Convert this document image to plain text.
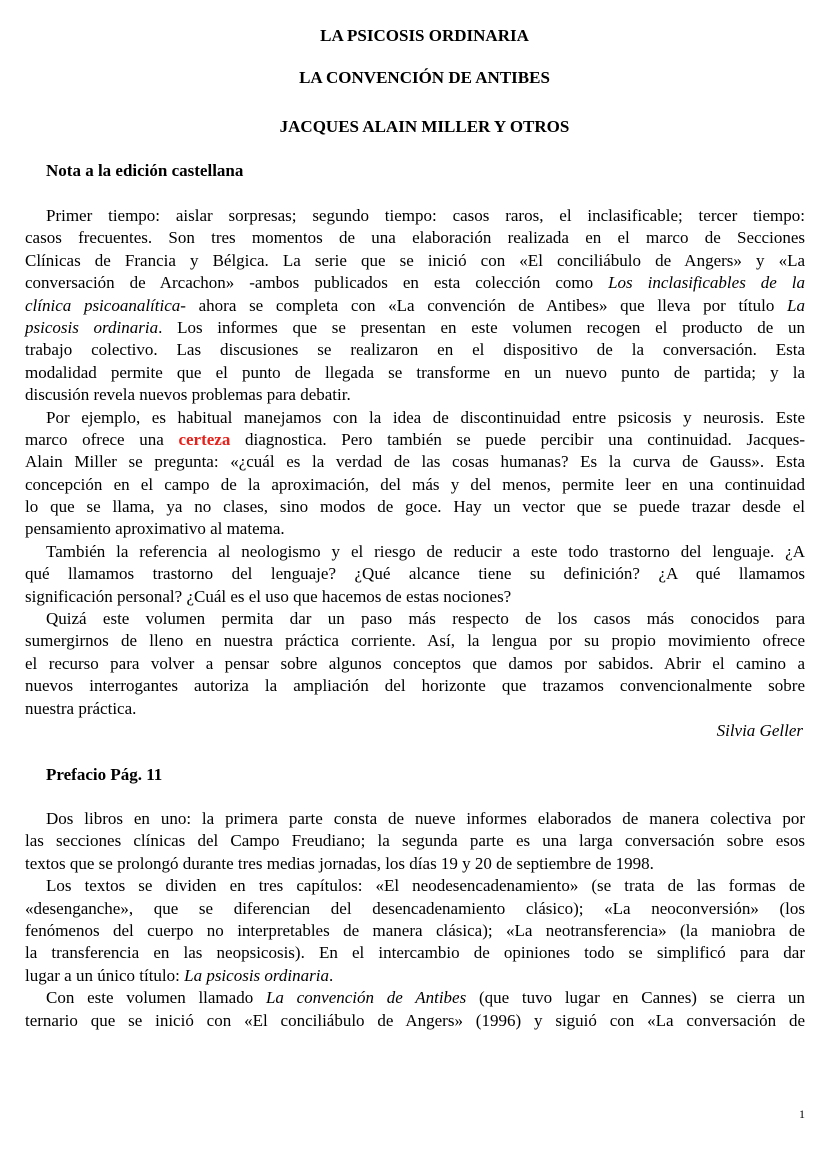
LA PSICOSIS ORDINARIA
LA CONVENCIÓN DE ANTIBES
JACQUES ALAIN MILLER Y OTROS
Nota a la edición castellana
Primer tiempo: aislar sorpresas; segundo tiempo: casos raros, el inclasificable; tercer tiempo:
casos frecuentes. Son tres momentos de una elaboración realizada en el marco de Secciones
Clínicas de Francia y Bélgica. La serie que se inició con «El conciliábulo de Angers» y «La
conversación de Arcachon» -ambos publicados en esta colección como Los inclasificables de la
clínica psicoanalítica- ahora se completa con «La convención de Antibes» que lleva por título La
psicosis ordinaria. Los informes que se presentan en este volumen recogen el producto de un
trabajo colectivo. Las discusiones se realizaron en el dispositivo de la conversación. Esta
modalidad permite que el punto de llegada se transforme en un nuevo punto de partida; y la
discusión revela nuevos problemas para debatir.
Por ejemplo, es habitual manejamos con la idea de discontinuidad entre psicosis y neurosis. Este
marco ofrece una certeza diagnostica. Pero también se puede percibir una continuidad. Jacques-
Alain Miller se pregunta: «¿cuál es la verdad de las cosas humanas? Es la curva de Gauss». Esta
concepción en el campo de la aproximación, del más y del menos, permite leer en una continuidad
lo que se llama, ya no clases, sino modos de goce. Hay un vector que se puede trazar desde el
pensamiento aproximativo al matema.
También la referencia al neologismo y el riesgo de reducir a este todo trastorno del lenguaje. ¿A
qué llamamos trastorno del lenguaje? ¿Qué alcance tiene su definición? ¿A qué llamamos
significación personal? ¿Cuál es el uso que hacemos de estas nociones?
Quizá este volumen permita dar un paso más respecto de los casos más conocidos para
sumergirnos de lleno en nuestra práctica corriente. Así, la lengua por su propio movimiento ofrece
el recurso para volver a pensar sobre algunos conceptos que damos por sabidos. Abrir el camino a
nuevos interrogantes autoriza la ampliación del horizonte que trazamos convencionalmente sobre
nuestra práctica.
Silvia Geller
Prefacio Pág. 11
Dos libros en uno: la primera parte consta de nueve informes elaborados de manera colectiva por
las secciones clínicas del Campo Freudiano; la segunda parte es una larga conversación sobre esos
textos que se prolongó durante tres medias jornadas, los días 19 y 20 de septiembre de 1998.
Los textos se dividen en tres capítulos: «El neodesencadenamiento» (se trata de las formas de
«desenganche», que se diferencian del desencadenamiento clásico); «La neoconversión» (los
fenómenos del cuerpo no interpretables de manera clásica); «La neotransferencia» (la maniobra de
la transferencia en las neopsicosis). En el intercambio de opiniones todo se simplificó para dar
lugar a un único título: La psicosis ordinaria.
Con este volumen llamado La convención de Antibes (que tuvo lugar en Cannes) se cierra un
ternario que se inició con «El conciliábulo de Angers» (1996) y siguió con «La conversación de
1
